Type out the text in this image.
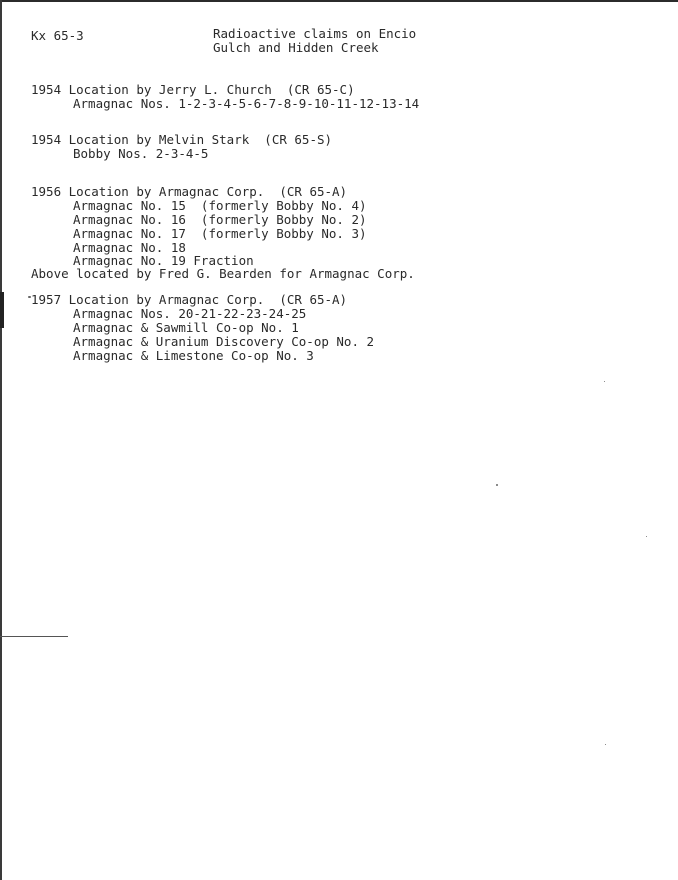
Kx 65-3	Radioactive claims on Encio
Gulch and Hidden Creek
1954 Location by Jerry L. Church  (CR 65-C)
Armagnac Nos. 1-2-3-4-5-6-7-8-9-10-11-12-13-14
1954 Location by Melvin Stark  (CR 65-S)
Bobby Nos. 2-3-4-5
1956 Location by Armagnac Corp.  (CR 65-A)
Armagnac No. 15  (formerly Bobby No. 4)
Armagnac No. 16  (formerly Bobby No. 2)
Armagnac No. 17  (formerly Bobby No. 3)
Armagnac No. 18
Armagnac No. 19 Fraction
Above located by Fred G. Bearden for Armagnac Corp.
1957 Location by Armagnac Corp.  (CR 65-A)
Armagnac Nos. 20-21-22-23-24-25
Armagnac & Sawmill Co-op No. 1
Armagnac & Uranium Discovery Co-op No. 2
Armagnac & Limestone Co-op No. 3
